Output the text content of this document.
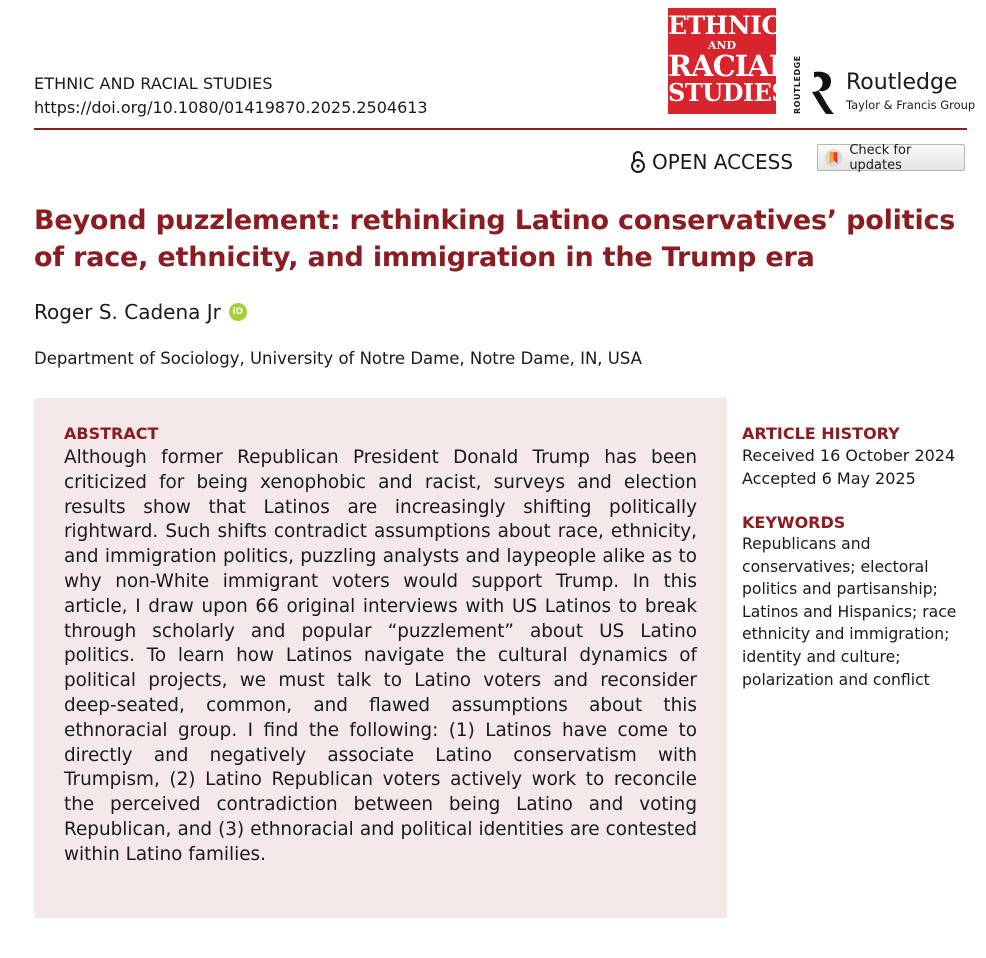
ETHNIC AND RACIAL STUDIES
https://doi.org/10.1080/01419870.2025.2504613
ETHNIC
AND
RACIAL
STUDIES ROUTLEDGE Routledge
Taylor & Francis Group
OPEN ACCESS	Check for updates
Beyond puzzlement: rethinking Latino conservatives’ politics of race, ethnicity, and immigration in the Trump era
Roger S. Cadena Jr	iD
Department of Sociology, University of Notre Dame, Notre Dame, IN, USA
ABSTRACT
Although former Republican President Donald Trump has been criticized for being xenophobic and racist, surveys and election results show that Latinos are increasingly shifting politically rightward. Such shifts contradict assumptions about race, ethnicity, and immigration politics, puzzling analysts and laypeople alike as to why non-White immigrant voters would support Trump. In this article, I draw upon 66 original interviews with US Latinos to break through scholarly and popular “puzzlement” about US Latino politics. To learn how Latinos navigate the cultural dynamics of political projects, we must talk to Latino voters and reconsider deep-seated, common, and flawed assumptions about this ethnoracial group. I find the following: (1) Latinos have come to directly and negatively associate Latino conservatism with Trumpism, (2) Latino Republican voters actively work to reconcile the perceived contradiction between being Latino and voting Republican, and (3) ethnoracial and political identities are contested within Latino families.
ARTICLE HISTORY
Received 16 October 2024
Accepted 6 May 2025
KEYWORDS
Republicans and conservatives; electoral politics and partisanship; Latinos and Hispanics; race ethnicity and immigration; identity and culture; polarization and conflict
